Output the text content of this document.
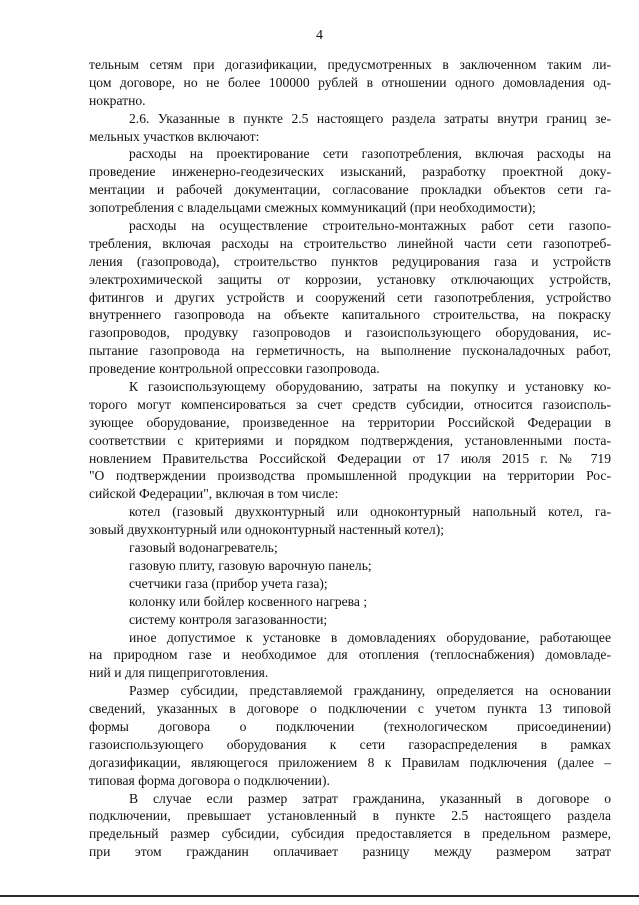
4
тельным сетям при догазификации, предусмотренных в заключенном таким ли-
цом договоре, но не более 100000 рублей в отношении одного домовладения од-
нократно.
2.6. Указанные в пункте 2.5 настоящего раздела затраты внутри границ зе-
мельных участков включают:
расходы на проектирование сети газопотребления, включая расходы на
проведение инженерно-геодезических изысканий, разработку проектной доку-
ментации и рабочей документации, согласование прокладки объектов сети га-
зопотребления с владельцами смежных коммуникаций (при необходимости);
расходы на осуществление строительно-монтажных работ сети газопо-
требления, включая расходы на строительство линейной части сети газопотреб-
ления (газопровода), строительство пунктов редуцирования газа и устройств
электрохимической защиты от коррозии, установку отключающих устройств,
фитингов и других устройств и сооружений сети газопотребления, устройство
внутреннего газопровода на объекте капитального строительства, на покраску
газопроводов, продувку газопроводов и газоиспользующего оборудования, ис-
пытание газопровода на герметичность, на выполнение пусконаладочных работ,
проведение контрольной опрессовки газопровода.
К газоиспользующему оборудованию, затраты на покупку и установку ко-
торого могут компенсироваться за счет средств субсидии, относится газоисполь-
зующее оборудование, произведенное на территории Российской Федерации в
соответствии с критериями и порядком подтверждения, установленными поста-
новлением Правительства Российской Федерации от 17 июля 2015 г. № 719
"О подтверждении производства промышленной продукции на территории Рос-
сийской Федерации", включая в том числе:
котел (газовый двухконтурный или одноконтурный напольный котел, га-
зовый двухконтурный или одноконтурный настенный котел);
газовый водонагреватель;
газовую плиту, газовую варочную панель;
счетчики газа (прибор учета газа);
колонку или бойлер косвенного нагрева ;
систему контроля загазованности;
иное допустимое к установке в домовладениях оборудование, работающее
на природном газе и необходимое для отопления (теплоснабжения) домовладе-
ний и для пищеприготовления.
Размер субсидии, представляемой гражданину, определяется на основании
сведений, указанных в договоре о подключении с учетом пункта 13 типовой
формы договора о подключении (технологическом присоединении)
газоиспользующего оборудования к сети газораспределения в рамках
догазификации, являющегося приложением 8 к Правилам подключения (далее –
типовая форма договора о подключении).
В случае если размер затрат гражданина, указанный в договоре о
подключении, превышает установленный в пункте 2.5 настоящего раздела
предельный размер субсидии, субсидия предоставляется в предельном размере,
при этом гражданин оплачивает разницу между размером затрат
